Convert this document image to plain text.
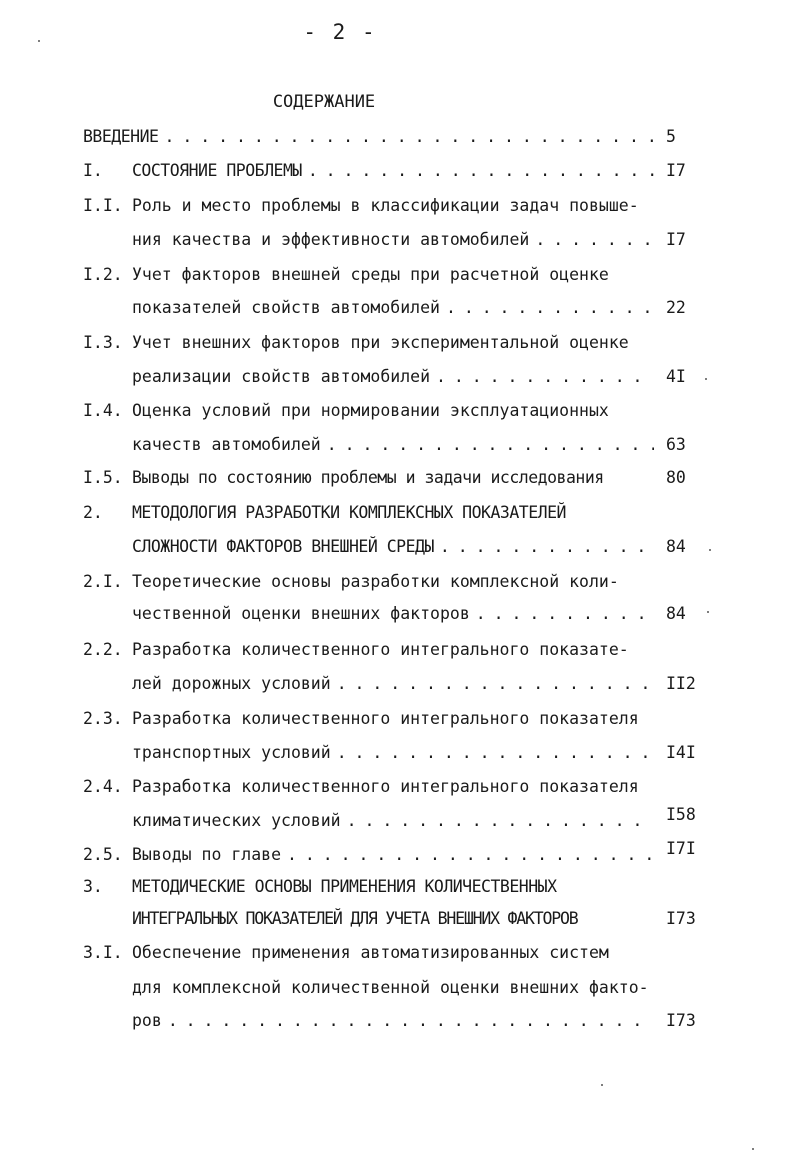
- 2 -
СОДЕРЖАНИЕ
ВВЕДЕНИЕ . . .	5
I.	СОСТОЯНИЕ ПРОБЛЕМЫ . . .	I7
I.I. Роль и место проблемы в классификации задач повыше-
ния качества и эффективности автомобилей . . .	I7
I.2. Учет факторов внешней среды при расчетной оценке
показателей свойств автомобилей . . .	22
I.3. Учет внешних факторов при экспериментальной оценке
реализации свойств автомобилей . . .	4I
I.4. Оценка условий при нормировании эксплуатационных
качеств автомобилей . . .	63
I.5. Выводы по состоянию проблемы и задачи исследования	80
2.	МЕТОДОЛОГИЯ РАЗРАБОТКИ КОМПЛЕКСНЫХ ПОКАЗАТЕЛЕЙ
СЛОЖНОСТИ ФАКТОРОВ ВНЕШНЕЙ СРЕДЫ . . .	84
2.I. Теоретические основы разработки комплексной коли-
чественной оценки внешних факторов . . .	84
2.2. Разработка количественного интегрального показате-
лей дорожных условий . . .	II2
2.3. Разработка количественного интегрального показателя
транспортных условий . . .	I4I
2.4. Разработка количественного интегрального показателя
климатических условий . . .	I58
2.5. Выводы по главе . . .	I7I
3.	МЕТОДИЧЕСКИЕ ОСНОВЫ ПРИМЕНЕНИЯ КОЛИЧЕСТВЕННЫХ
ИНТЕГРАЛЬНЫХ ПОКАЗАТЕЛЕЙ ДЛЯ УЧЕТА ВНЕШНИХ ФАКТОРОВ	I73
3.I. Обеспечение применения автоматизированных систем
для комплексной количественной оценки внешних факто-
ров . . .	I73
